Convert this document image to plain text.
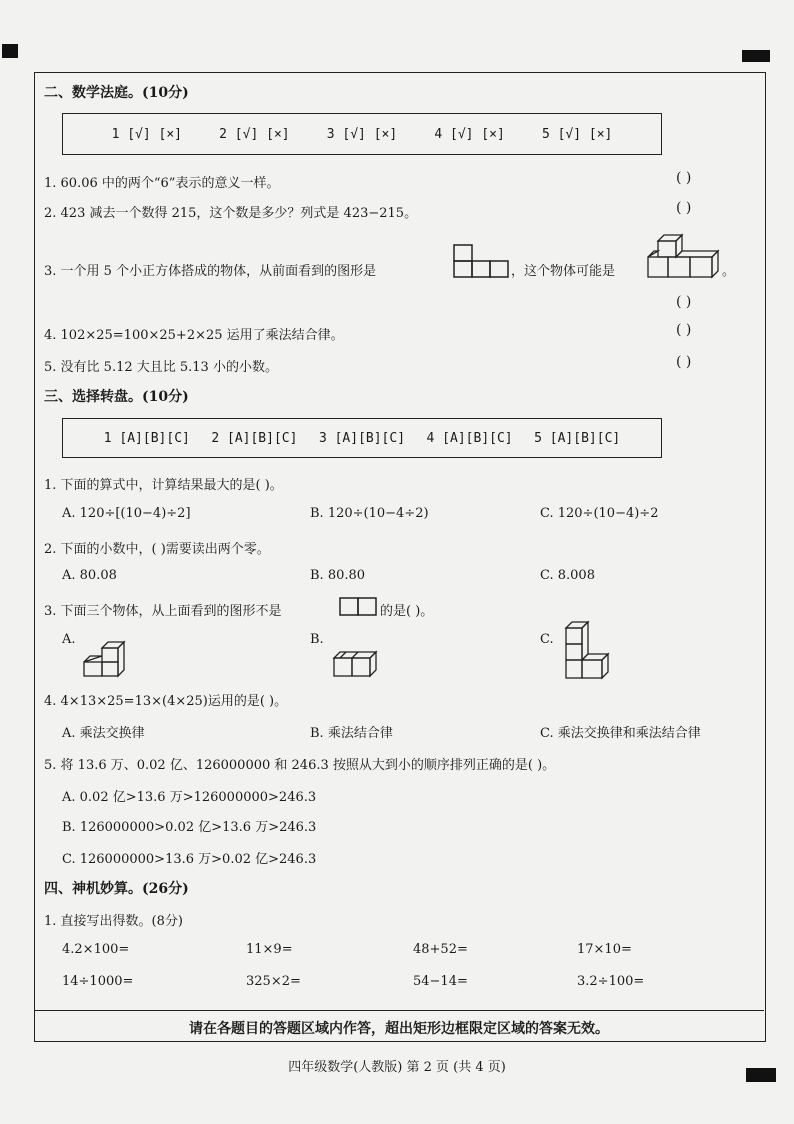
二、数学法庭。(10分)
1 [√] [×]	2 [√] [×]	3 [√] [×]	4 [√] [×]	5 [√] [×]
1. 60.06 中的两个“6”表示的意义一样。	( )
2. 423 减去一个数得 215，这个数是多少？列式是 423−215。	( )
3. 一个用 5 个小正方体搭成的物体，从前面看到的图形是	，这个物体可能是	。
( )
4. 102×25=100×25+2×25 运用了乘法结合律。	( )
5. 没有比 5.12 大且比 5.13 小的小数。	( )
三、选择转盘。(10分)
1 [A][B][C] 2 [A][B][C] 3 [A][B][C] 4 [A][B][C] 5 [A][B][C]
1. 下面的算式中，计算结果最大的是( )。
A. 120÷[(10−4)÷2]	B. 120÷(10−4÷2)	C. 120÷(10−4)÷2
2. 下面的小数中，( )需要读出两个零。
A. 80.08	B. 80.80	C. 8.008
3. 下面三个物体，从上面看到的图形不是	的是( )。
A.	B.	C.
4. 4×13×25=13×(4×25)运用的是( )。
A. 乘法交换律	B. 乘法结合律	C. 乘法交换律和乘法结合律
5. 将 13.6 万、0.02 亿、126000000 和 246.3 按照从大到小的顺序排列正确的是( )。
A. 0.02 亿>13.6 万>126000000>246.3
B. 126000000>0.02 亿>13.6 万>246.3
C. 126000000>13.6 万>0.02 亿>246.3
四、神机妙算。(26分)
1. 直接写出得数。(8分)
4.2×100=	11×9=	48+52=	17×10=
14÷1000=	325×2=	54−14=	3.2÷100=
请在各题目的答题区域内作答，超出矩形边框限定区域的答案无效。
四年级数学(人教版) 第 2 页 (共 4 页)
